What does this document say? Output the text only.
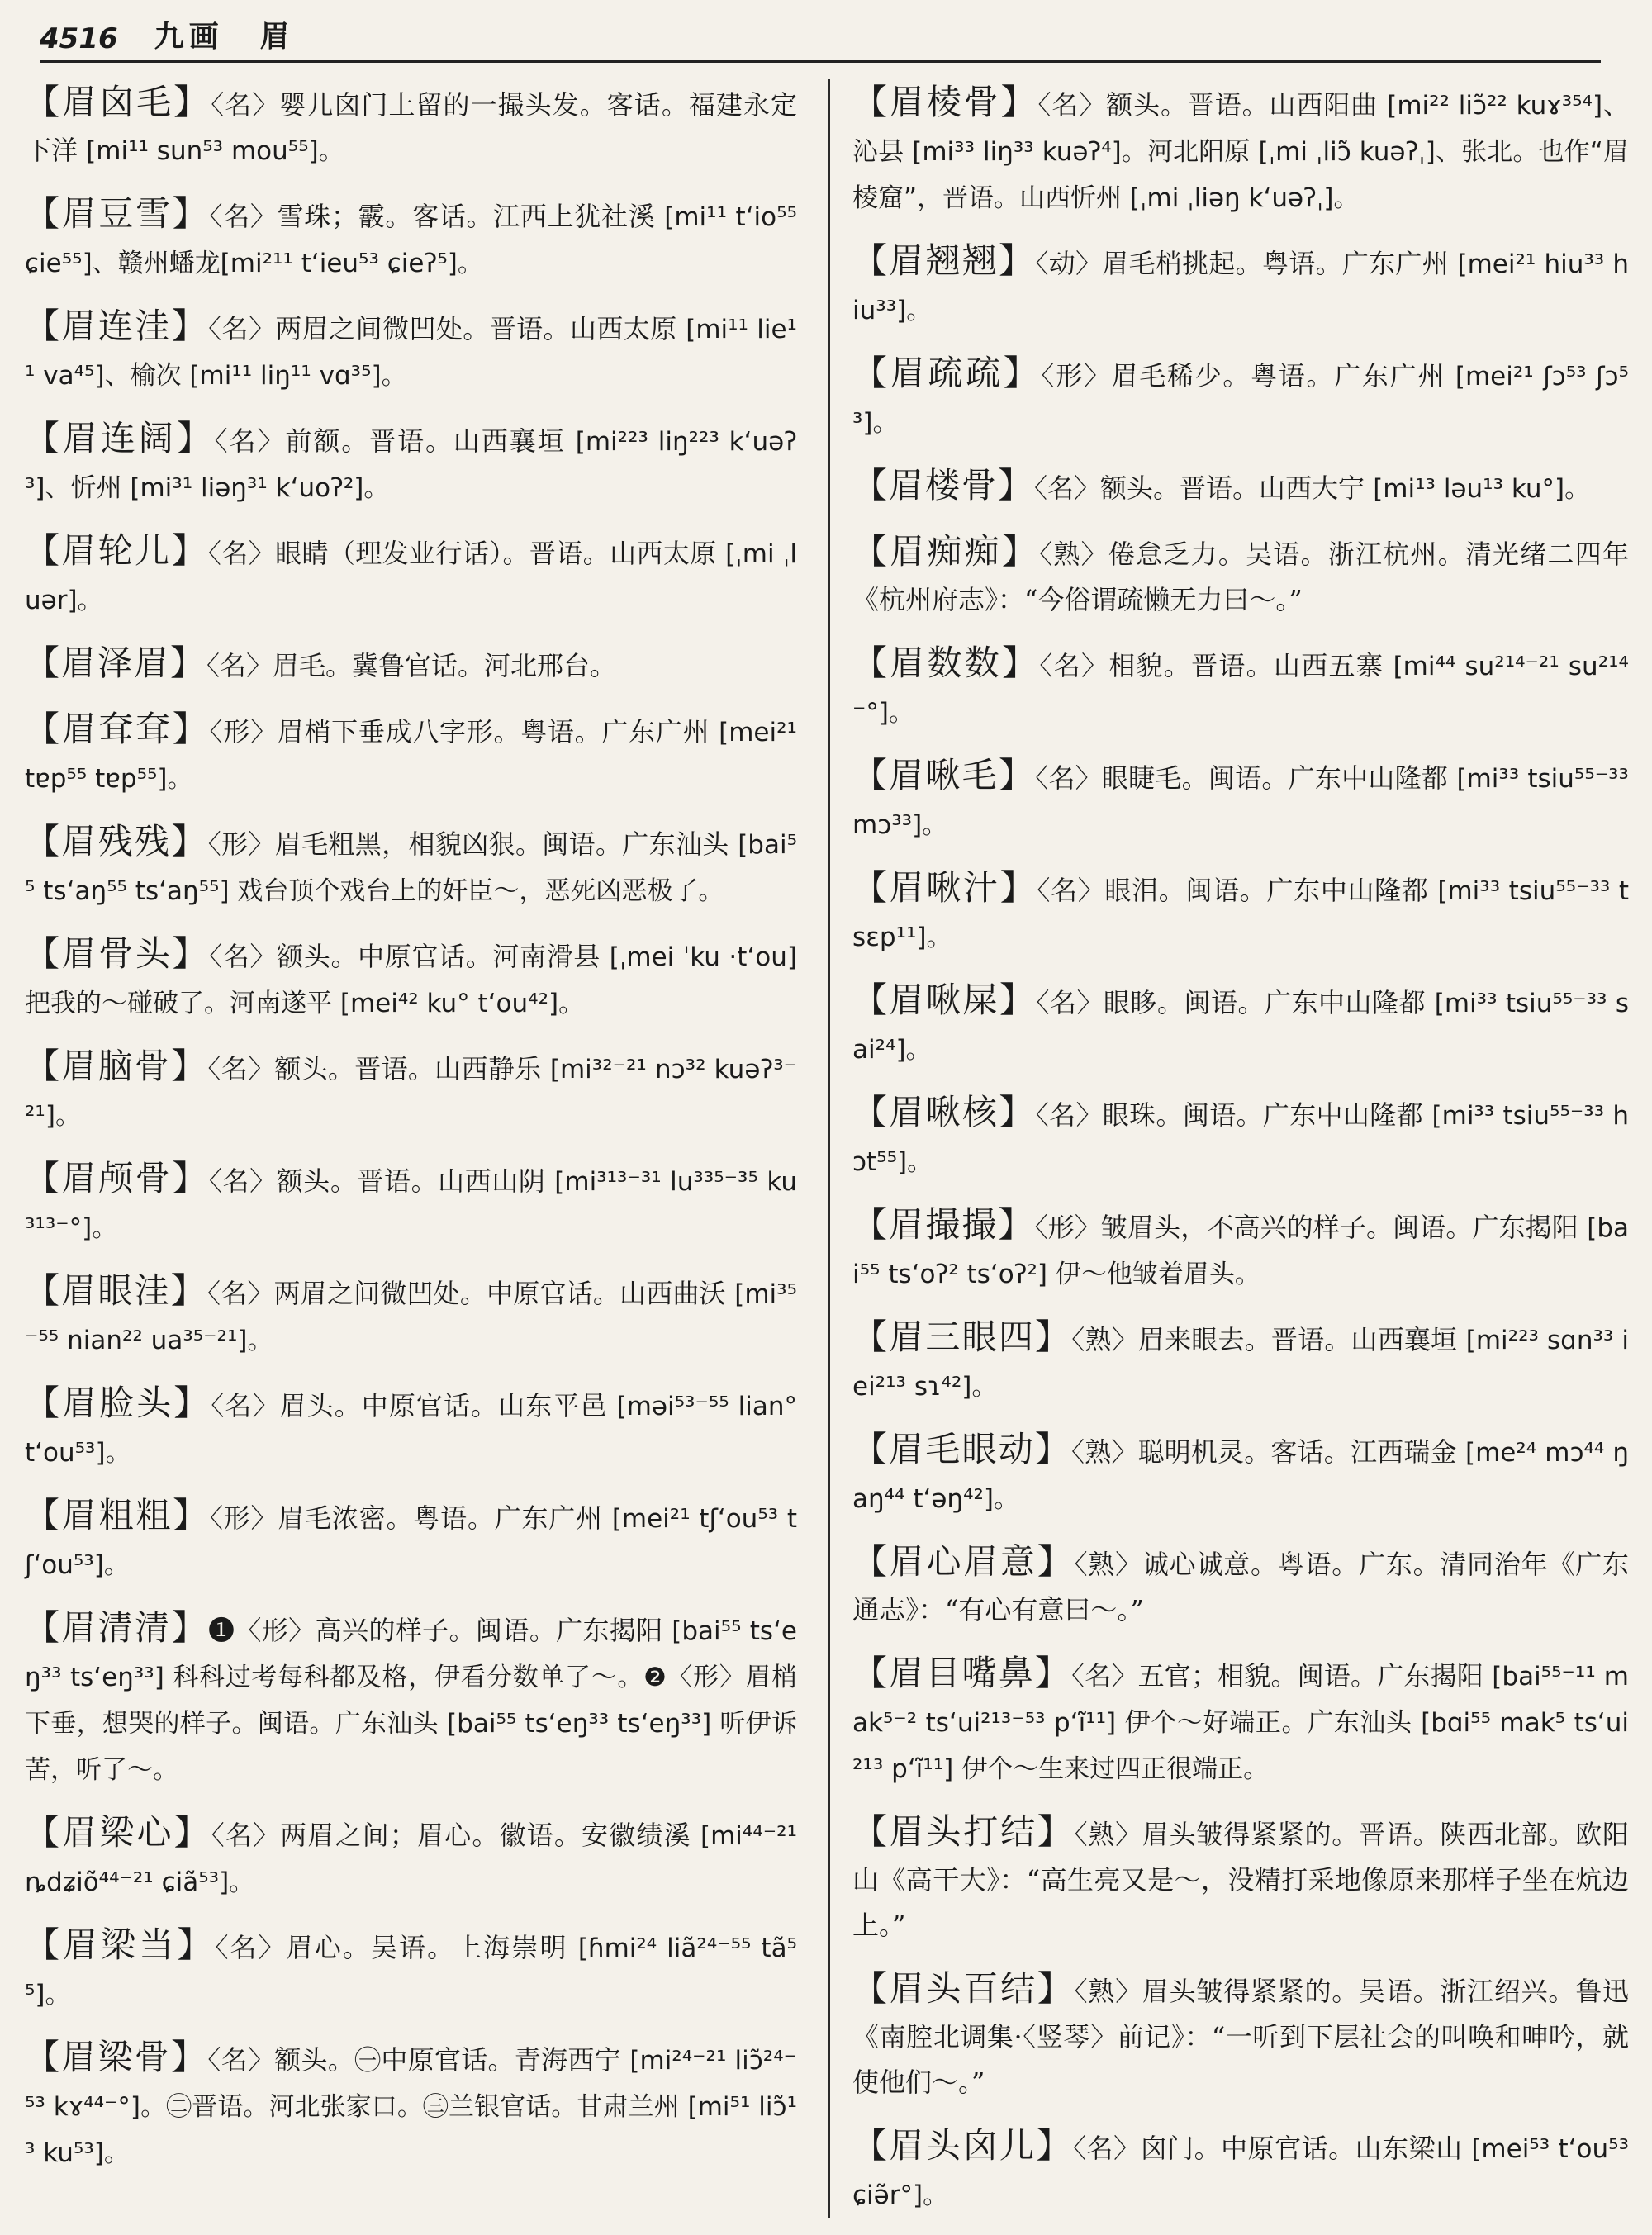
4516 九画 眉

【眉囟毛】〈名〉婴儿囟门上留的一撮头发。客话。福建永定下洋 [mi¹¹ sun⁵³ mou⁵⁵]。

【眉豆雪】〈名〉雪珠；霰。客话。江西上犹社溪 [mi¹¹ t‘io⁵⁵ ɕie⁵⁵]、赣州蟠龙[mi²¹¹ t‘ieu⁵³ ɕieʔ⁵]。

【眉连洼】〈名〉两眉之间微凹处。晋语。山西太原 [mi¹¹ lie¹¹ va⁴⁵]、榆次 [mi¹¹ liŋ¹¹ vɑ³⁵]。

【眉连阔】〈名〉前额。晋语。山西襄垣 [mi²²³ liŋ²²³ k‘uəʔ³]、忻州 [mi³¹ liəŋ³¹ k‘uoʔ²]。

【眉轮儿】〈名〉眼睛（理发业行话）。晋语。山西太原 [ˌmi ˌluər]。

【眉泽眉】〈名〉眉毛。冀鲁官话。河北邢台。

【眉耷耷】〈形〉眉梢下垂成八字形。粤语。广东广州 [mei²¹ tɐp⁵⁵ tɐp⁵⁵]。

【眉残残】〈形〉眉毛粗黑，相貌凶狠。闽语。广东汕头 [bai⁵⁵ ts‘aŋ⁵⁵ ts‘aŋ⁵⁵] 戏台顶个戏台上的奸臣～，恶死凶恶极了。

【眉骨头】〈名〉额头。中原官话。河南滑县 [ˌmei ˈku ·t‘ou] 把我的～碰破了。河南遂平 [mei⁴² ku° t‘ou⁴²]。

【眉脑骨】〈名〉额头。晋语。山西静乐 [mi³²⁻²¹ nɔ³² kuəʔ³⁻²¹]。

【眉颅骨】〈名〉额头。晋语。山西山阴 [mi³¹³⁻³¹ lu³³⁵⁻³⁵ ku³¹³⁻°]。

【眉眼洼】〈名〉两眉之间微凹处。中原官话。山西曲沃 [mi³⁵⁻⁵⁵ nian²² ua³⁵⁻²¹]。

【眉脸头】〈名〉眉头。中原官话。山东平邑 [məi⁵³⁻⁵⁵ lian° t‘ou⁵³]。

【眉粗粗】〈形〉眉毛浓密。粤语。广东广州 [mei²¹ tʃ‘ou⁵³ tʃ‘ou⁵³]。

【眉清清】❶〈形〉高兴的样子。闽语。广东揭阳 [bai⁵⁵ ts‘eŋ³³ ts‘eŋ³³] 科科过考每科都及格，伊看分数单了～。❷〈形〉眉梢下垂，想哭的样子。闽语。广东汕头 [bai⁵⁵ ts‘eŋ³³ ts‘eŋ³³] 听伊诉苦，听了～。

【眉梁心】〈名〉两眉之间；眉心。徽语。安徽绩溪 [mi⁴⁴⁻²¹ ȵdʑiõ⁴⁴⁻²¹ ɕiã⁵³]。

【眉梁当】〈名〉眉心。吴语。上海崇明 [ɦmi²⁴ liã²⁴⁻⁵⁵ tã⁵⁵]。

【眉梁骨】〈名〉额头。㊀中原官话。青海西宁 [mi²⁴⁻²¹ liɔ̃²⁴⁻⁵³ kɤ⁴⁴⁻°]。㊁晋语。河北张家口。㊂兰银官话。甘肃兰州 [mi⁵¹ liɔ̃¹³ ku⁵³]。

【眉棱骨】〈名〉额头。晋语。山西阳曲 [mi²² liɔ̃²² kuɤ³⁵⁴]、沁县 [mi³³ liŋ³³ kuəʔ⁴]。河北阳原 [ˌmi ˌliɔ̃ kuəʔˌ]、张北。也作“眉棱窟”，晋语。山西忻州 [ˌmi ˌliəŋ k‘uəʔˌ]。

【眉翘翘】〈动〉眉毛梢挑起。粤语。广东广州 [mei²¹ hiu³³ hiu³³]。

【眉疏疏】〈形〉眉毛稀少。粤语。广东广州 [mei²¹ ʃɔ⁵³ ʃɔ⁵³]。

【眉楼骨】〈名〉额头。晋语。山西大宁 [mi¹³ ləu¹³ ku°]。

【眉痴痴】〈熟〉倦怠乏力。吴语。浙江杭州。清光绪二四年《杭州府志》：“今俗谓疏懒无力曰～。”

【眉数数】〈名〉相貌。晋语。山西五寨 [mi⁴⁴ su²¹⁴⁻²¹ su²¹⁴⁻°]。

【眉啾毛】〈名〉眼睫毛。闽语。广东中山隆都 [mi³³ tsiu⁵⁵⁻³³ mɔ³³]。

【眉啾汁】〈名〉眼泪。闽语。广东中山隆都 [mi³³ tsiu⁵⁵⁻³³ tsɛp¹¹]。

【眉啾屎】〈名〉眼眵。闽语。广东中山隆都 [mi³³ tsiu⁵⁵⁻³³ sai²⁴]。

【眉啾核】〈名〉眼珠。闽语。广东中山隆都 [mi³³ tsiu⁵⁵⁻³³ hɔt⁵⁵]。

【眉撮撮】〈形〉皱眉头，不高兴的样子。闽语。广东揭阳 [bai⁵⁵ ts‘oʔ² ts‘oʔ²] 伊～他皱着眉头。

【眉三眼四】〈熟〉眉来眼去。晋语。山西襄垣 [mi²²³ sɑn³³ iei²¹³ sɿ⁴²]。

【眉毛眼动】〈熟〉聪明机灵。客话。江西瑞金 [me²⁴ mɔ⁴⁴ ŋaŋ⁴⁴ t‘əŋ⁴²]。

【眉心眉意】〈熟〉诚心诚意。粤语。广东。清同治年《广东通志》：“有心有意曰～。”

【眉目嘴鼻】〈名〉五官；相貌。闽语。广东揭阳 [bai⁵⁵⁻¹¹ mak⁵⁻² ts‘ui²¹³⁻⁵³ p‘ĩ¹¹] 伊个～好端正。广东汕头 [bɑi⁵⁵ mak⁵ ts‘ui²¹³ p‘ĩ¹¹] 伊个～生来过四正很端正。

【眉头打结】〈熟〉眉头皱得紧紧的。晋语。陕西北部。欧阳山《高干大》：“高生亮又是～，没精打采地像原来那样子坐在炕边上。”

【眉头百结】〈熟〉眉头皱得紧紧的。吴语。浙江绍兴。鲁迅《南腔北调集·〈竖琴〉前记》：“一听到下层社会的叫唤和呻吟，就使他们～。”

【眉头囟儿】〈名〉囟门。中原官话。山东梁山 [mei⁵³ t‘ou⁵³ ɕiə̃r°]。
